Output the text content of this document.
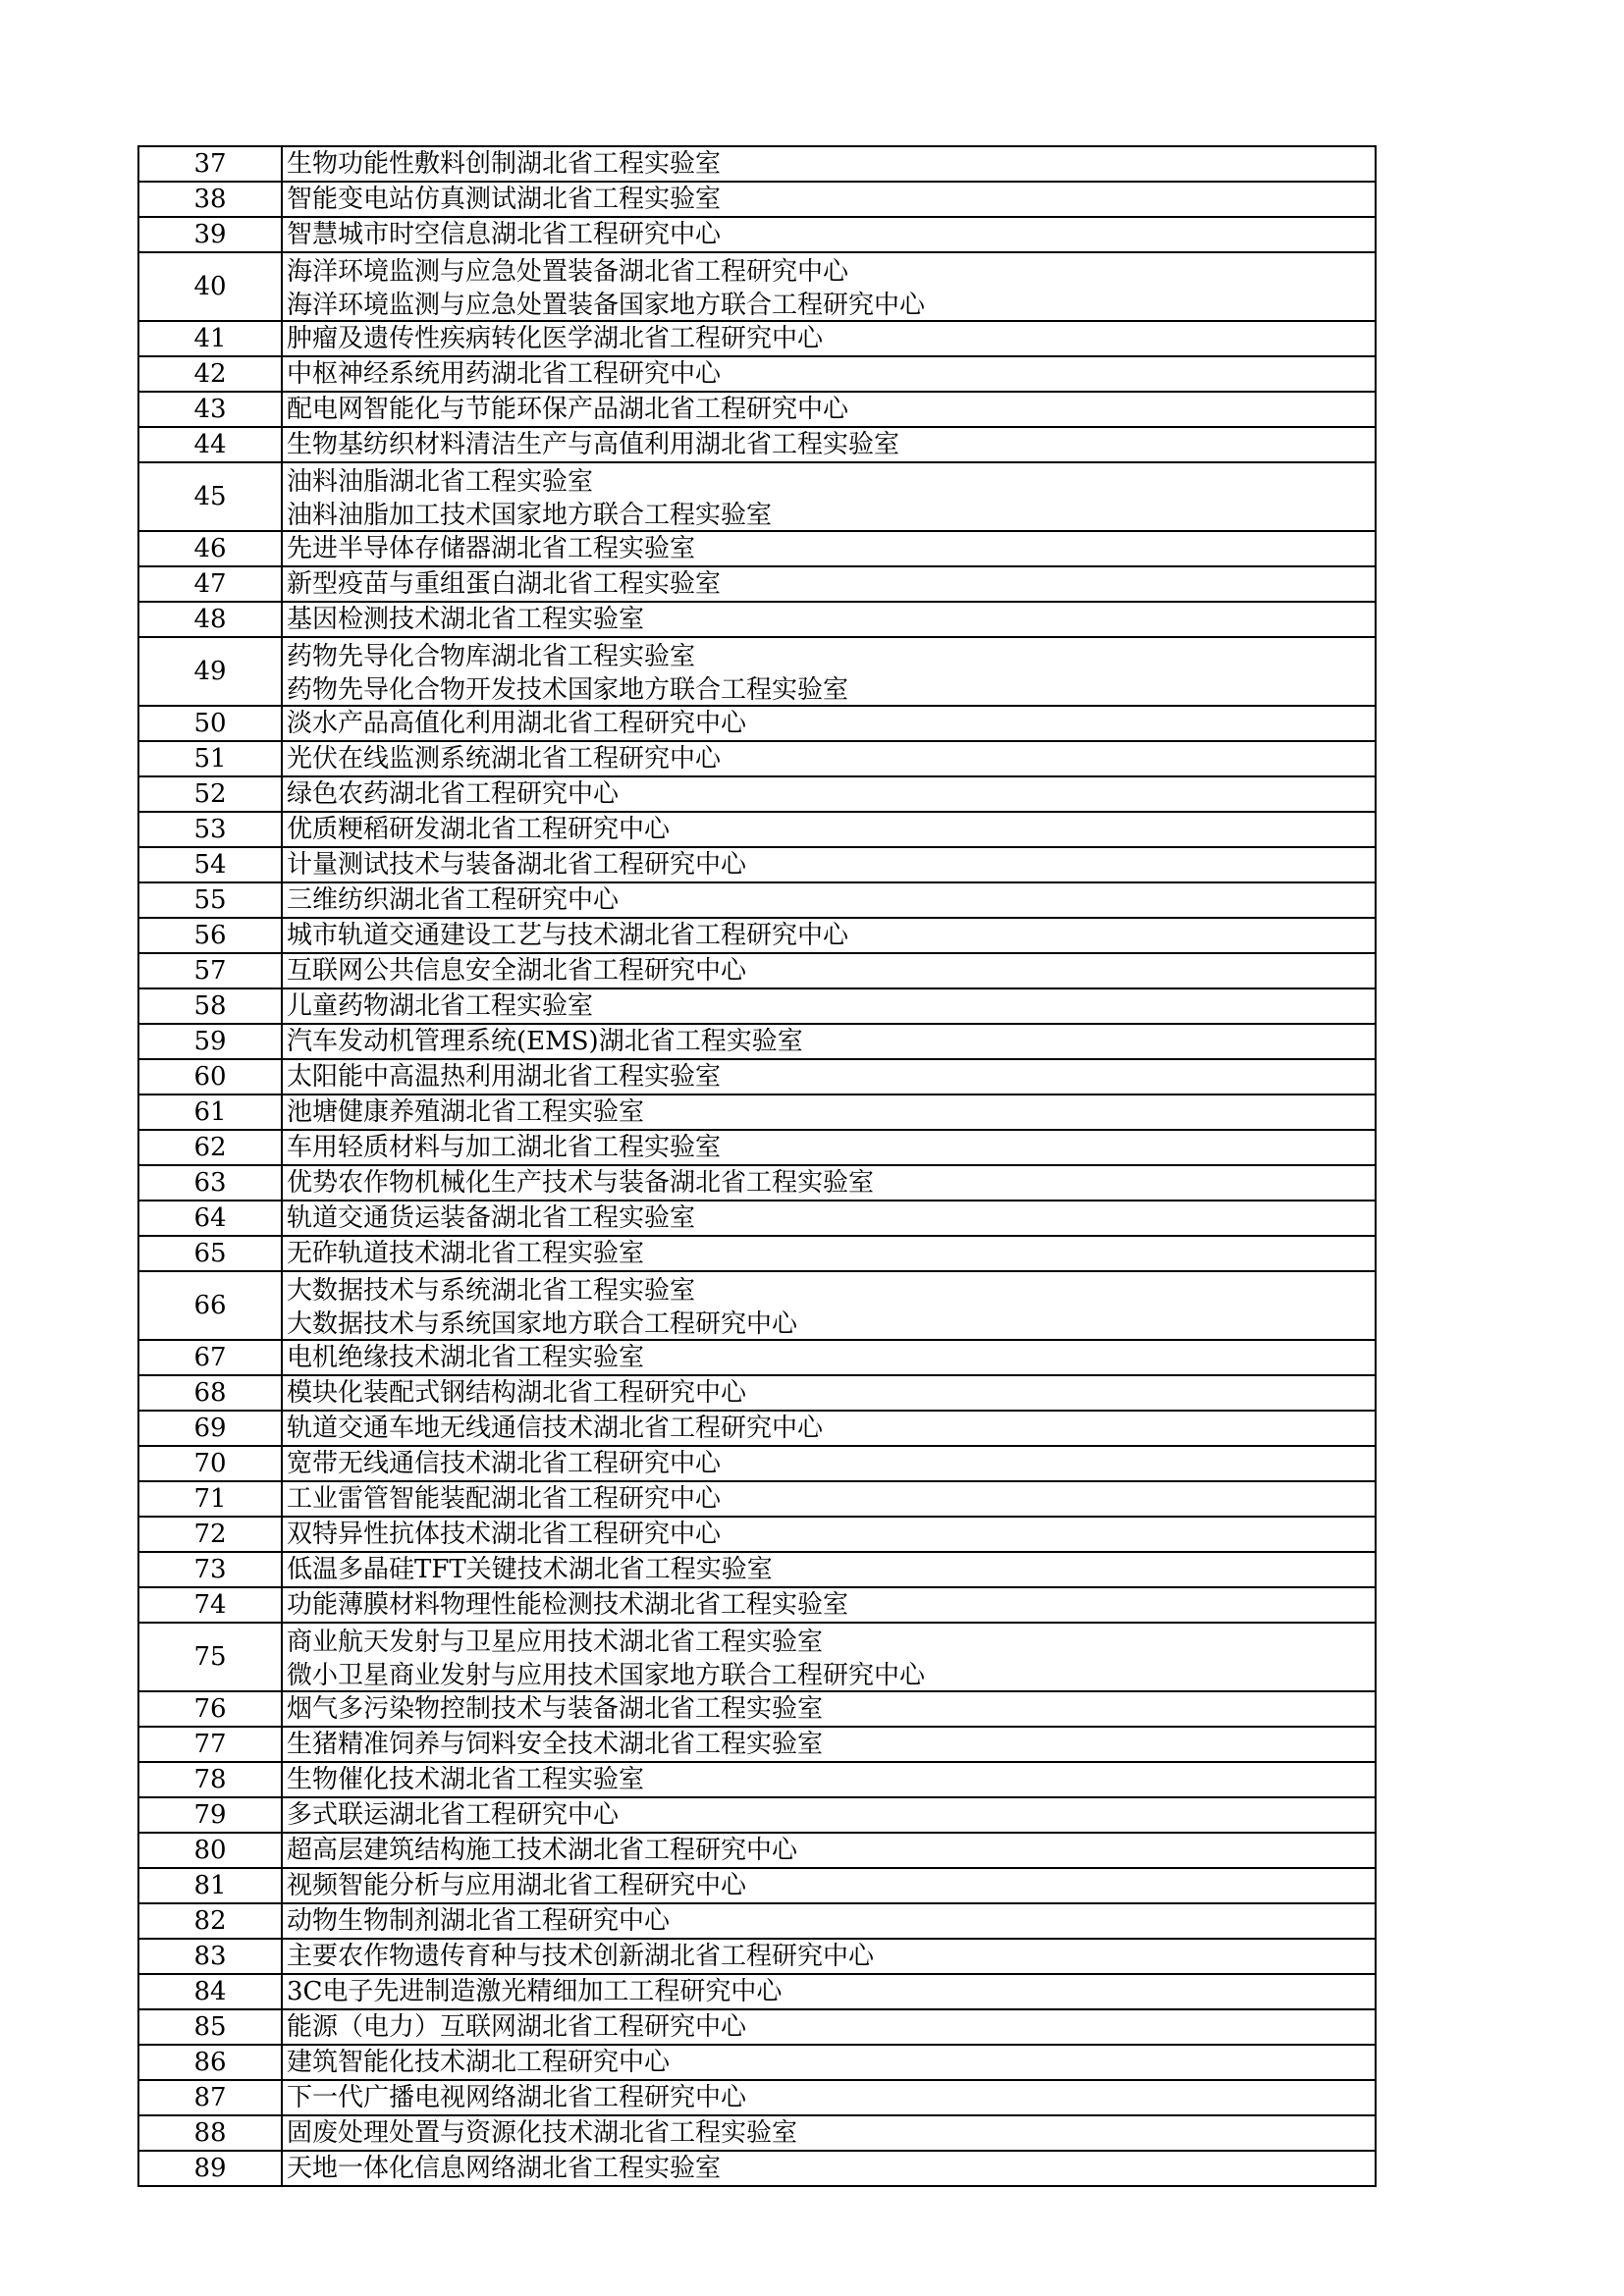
37	生物功能性敷料创制湖北省工程实验室

38	智能变电站仿真测试湖北省工程实验室

39	智慧城市时空信息湖北省工程研究中心

40	海洋环境监测与应急处置装备湖北省工程研究中心
海洋环境监测与应急处置装备国家地方联合工程研究中心

41	肿瘤及遗传性疾病转化医学湖北省工程研究中心

42	中枢神经系统用药湖北省工程研究中心

43	配电网智能化与节能环保产品湖北省工程研究中心

44	生物基纺织材料清洁生产与高值利用湖北省工程实验室

45	油料油脂湖北省工程实验室
油料油脂加工技术国家地方联合工程实验室

46	先进半导体存储器湖北省工程实验室

47	新型疫苗与重组蛋白湖北省工程实验室

48	基因检测技术湖北省工程实验室

49	药物先导化合物库湖北省工程实验室
药物先导化合物开发技术国家地方联合工程实验室

50	淡水产品高值化利用湖北省工程研究中心

51	光伏在线监测系统湖北省工程研究中心

52	绿色农药湖北省工程研究中心

53	优质粳稻研发湖北省工程研究中心

54	计量测试技术与装备湖北省工程研究中心

55	三维纺织湖北省工程研究中心

56	城市轨道交通建设工艺与技术湖北省工程研究中心

57	互联网公共信息安全湖北省工程研究中心

58	儿童药物湖北省工程实验室

59	汽车发动机管理系统(EMS)湖北省工程实验室

60	太阳能中高温热利用湖北省工程实验室

61	池塘健康养殖湖北省工程实验室

62	车用轻质材料与加工湖北省工程实验室

63	优势农作物机械化生产技术与装备湖北省工程实验室

64	轨道交通货运装备湖北省工程实验室

65	无砟轨道技术湖北省工程实验室

66	大数据技术与系统湖北省工程实验室
大数据技术与系统国家地方联合工程研究中心

67	电机绝缘技术湖北省工程实验室

68	模块化装配式钢结构湖北省工程研究中心

69	轨道交通车地无线通信技术湖北省工程研究中心

70	宽带无线通信技术湖北省工程研究中心

71	工业雷管智能装配湖北省工程研究中心

72	双特异性抗体技术湖北省工程研究中心

73	低温多晶硅TFT关键技术湖北省工程实验室

74	功能薄膜材料物理性能检测技术湖北省工程实验室

75	商业航天发射与卫星应用技术湖北省工程实验室
微小卫星商业发射与应用技术国家地方联合工程研究中心

76	烟气多污染物控制技术与装备湖北省工程实验室

77	生猪精准饲养与饲料安全技术湖北省工程实验室

78	生物催化技术湖北省工程实验室

79	多式联运湖北省工程研究中心

80	超高层建筑结构施工技术湖北省工程研究中心

81	视频智能分析与应用湖北省工程研究中心

82	动物生物制剂湖北省工程研究中心

83	主要农作物遗传育种与技术创新湖北省工程研究中心

84	3C电子先进制造激光精细加工工程研究中心

85	能源（电力）互联网湖北省工程研究中心

86	建筑智能化技术湖北工程研究中心

87	下一代广播电视网络湖北省工程研究中心

88	固废处理处置与资源化技术湖北省工程实验室

89	天地一体化信息网络湖北省工程实验室
